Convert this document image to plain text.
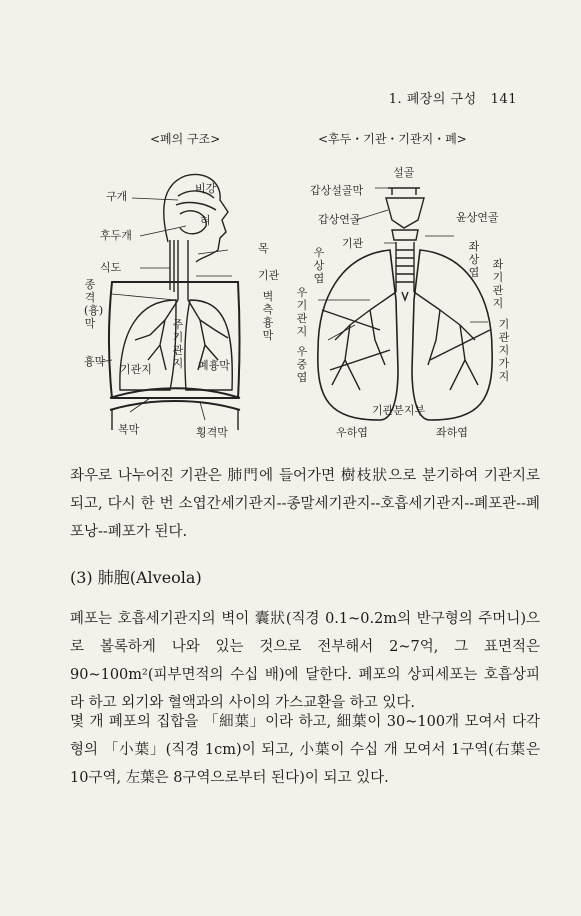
1. 폐장의 구성 141
<폐의 구조>	<후두・기관・기관지・폐>
비강
구개
혀
후두개
목
식도
종격(흉)막
기관
벽측흉막
흉막
주기관지
기관지	폐흉막
복막	횡격막
설골
갑상설골막
갑상연골	윤상연골
기관
우상엽
좌상엽
우기관지
좌기관지
우중엽
기관지가지
기관분지부
우하엽	좌하엽
좌우로 나누어진 기관은 肺門에 들어가면 樹枝狀으로 분기하여 기관지로 되고, 다시 한 번 소엽간세기관지--종말세기관지--호흡세기관지--폐포관--폐포낭--폐포가 된다.
(3) 肺胞(Alveola)
폐포는 호흡세기관지의 벽이 囊狀(직경 0.1~0.2m의 반구형의 주머니)으로 볼록하게 나와 있는 것으로 전부해서 2~7억, 그 표면적은 90~100m²(피부면적의 수십 배)에 달한다. 폐포의 상피세포는 호흡상피라 하고 외기와 혈액과의 사이의 가스교환을 하고 있다.
몇 개 폐포의 집합을 「細葉」이라 하고, 細葉이 30~100개 모여서 다각형의 「小葉」(직경 1cm)이 되고, 小葉이 수십 개 모여서 1구역(右葉은 10구역, 左葉은 8구역으로부터 된다)이 되고 있다.
